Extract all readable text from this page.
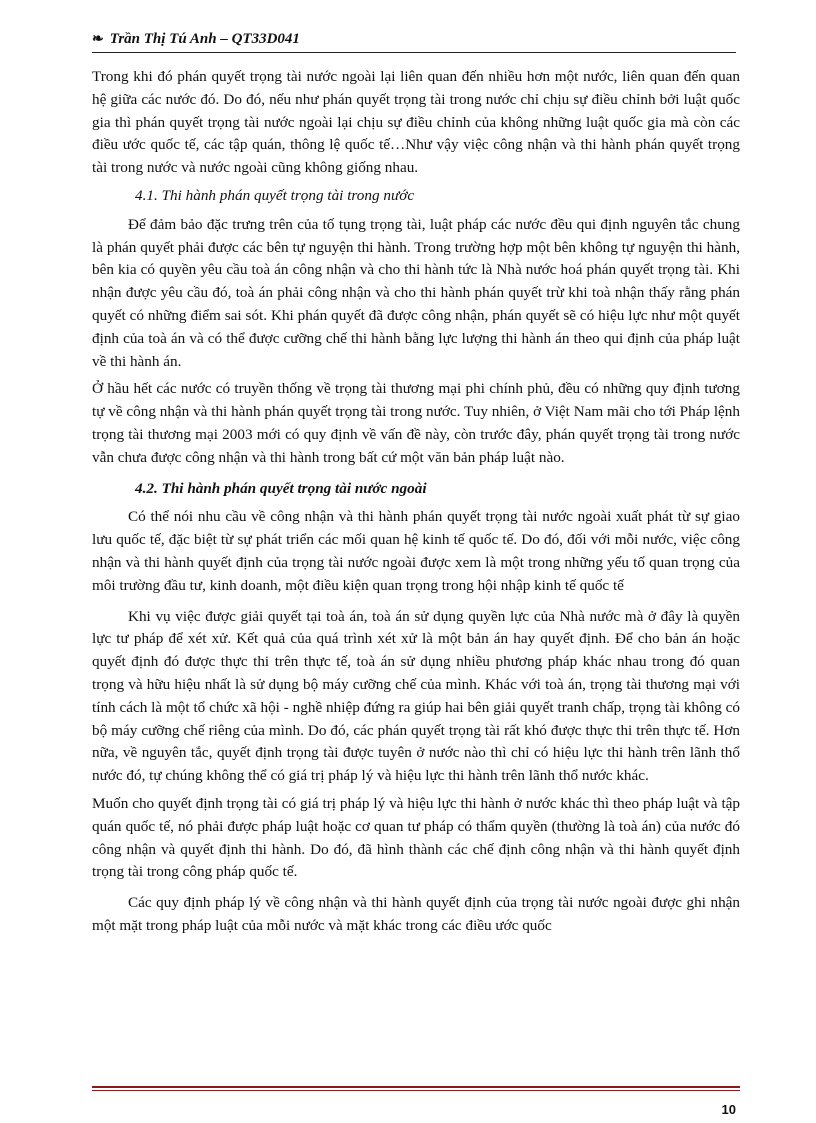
❧ Trần Thị Tú Anh – QT33D041

Trong khi đó phán quyết trọng tài nước ngoài lại liên quan đến nhiều hơn một nước, liên quan đến quan hệ giữa các nước đó. Do đó, nếu như phán quyết trọng tài trong nước chỉ chịu sự điều chỉnh bởi luật quốc gia thì phán quyết trọng tài nước ngoài lại chịu sự điều chỉnh của không những luật quốc gia mà còn các điều ước quốc tế, các tập quán, thông lệ quốc tế…Như vậy việc công nhận và thi hành phán quyết trọng tài trong nước và nước ngoài cũng không giống nhau.

4.1. Thi hành phán quyết trọng tài trong nước

Để đảm bảo đặc trưng trên của tố tụng trọng tài, luật pháp các nước đều qui định nguyên tắc chung là phán quyết phải được các bên tự nguyện thi hành. Trong trường hợp một bên không tự nguyện thi hành, bên kia có quyền yêu cầu toà án công nhận và cho thi hành tức là Nhà nước hoá phán quyết trọng tài. Khi nhận được yêu cầu đó, toà án phải công nhận và cho thi hành phán quyết trừ khi toà nhận thấy rằng phán quyết có những điểm sai sót. Khi phán quyết đã được công nhận, phán quyết sẽ có hiệu lực như một quyết định của toà án và có thể được cưỡng chế thi hành bằng lực lượng thi hành án theo qui định của pháp luật về thi hành án.

Ở hầu hết các nước có truyền thống về trọng tài thương mại phi chính phủ, đều có những quy định tương tự về công nhận và thi hành phán quyết trọng tài trong nước. Tuy nhiên, ở Việt Nam mãi cho tới Pháp lệnh trọng tài thương mại 2003 mới có quy định về vấn đề này, còn trước đây, phán quyết trọng tài trong nước vẫn chưa được công nhận và thi hành trong bất cứ một văn bản pháp luật nào.

4.2. Thi hành phán quyết trọng tài nước ngoài

Có thể nói nhu cầu về công nhận và thi hành phán quyết trọng tài nước ngoài xuất phát từ sự giao lưu quốc tế, đặc biệt từ sự phát triển các mối quan hệ kinh tế quốc tế. Do đó, đối với mỗi nước, việc công nhận và thi hành quyết định của trọng tài nước ngoài được xem là một trong những yếu tố quan trọng của môi trường đầu tư, kinh doanh, một điều kiện quan trọng trong hội nhập kinh tế quốc tế

Khi vụ việc được giải quyết tại toà án, toà án sử dụng quyền lực của Nhà nước mà ở đây là quyền lực tư pháp để xét xử. Kết quả của quá trình xét xử là một bản án hay quyết định. Để cho bản án hoặc quyết định đó được thực thi trên thực tế, toà án sử dụng nhiều phương pháp khác nhau trong đó quan trọng và hữu hiệu nhất là sử dụng bộ máy cưỡng chế của mình. Khác với toà án, trọng tài thương mại với tính cách là một tổ chức xã hội - nghề nhiệp đứng ra giúp hai bên giải quyết tranh chấp, trọng tài không có bộ máy cưỡng chế riêng của mình. Do đó, các phán quyết trọng tài rất khó được thực thi trên thực tế. Hơn nữa, về nguyên tắc, quyết định trọng tài được tuyên ở nước nào thì chỉ có hiệu lực thi hành trên lãnh thổ nước đó, tự chúng không thể có giá trị pháp lý và hiệu lực thi hành trên lãnh thổ nước khác.

Muốn cho quyết định trọng tài có giá trị pháp lý và hiệu lực thi hành ở nước khác thì theo pháp luật và tập quán quốc tế, nó phải được pháp luật hoặc cơ quan tư pháp có thẩm quyền (thường là toà án) của nước đó công nhận và quyết định thi hành. Do đó, đã hình thành các chế định công nhận và thi hành quyết định trọng tài trong công pháp quốc tế.

Các quy định pháp lý về công nhận và thi hành quyết định của trọng tài nước ngoài được ghi nhận một mặt trong pháp luật của mỗi nước và mặt khác trong các điều ước quốc

10
